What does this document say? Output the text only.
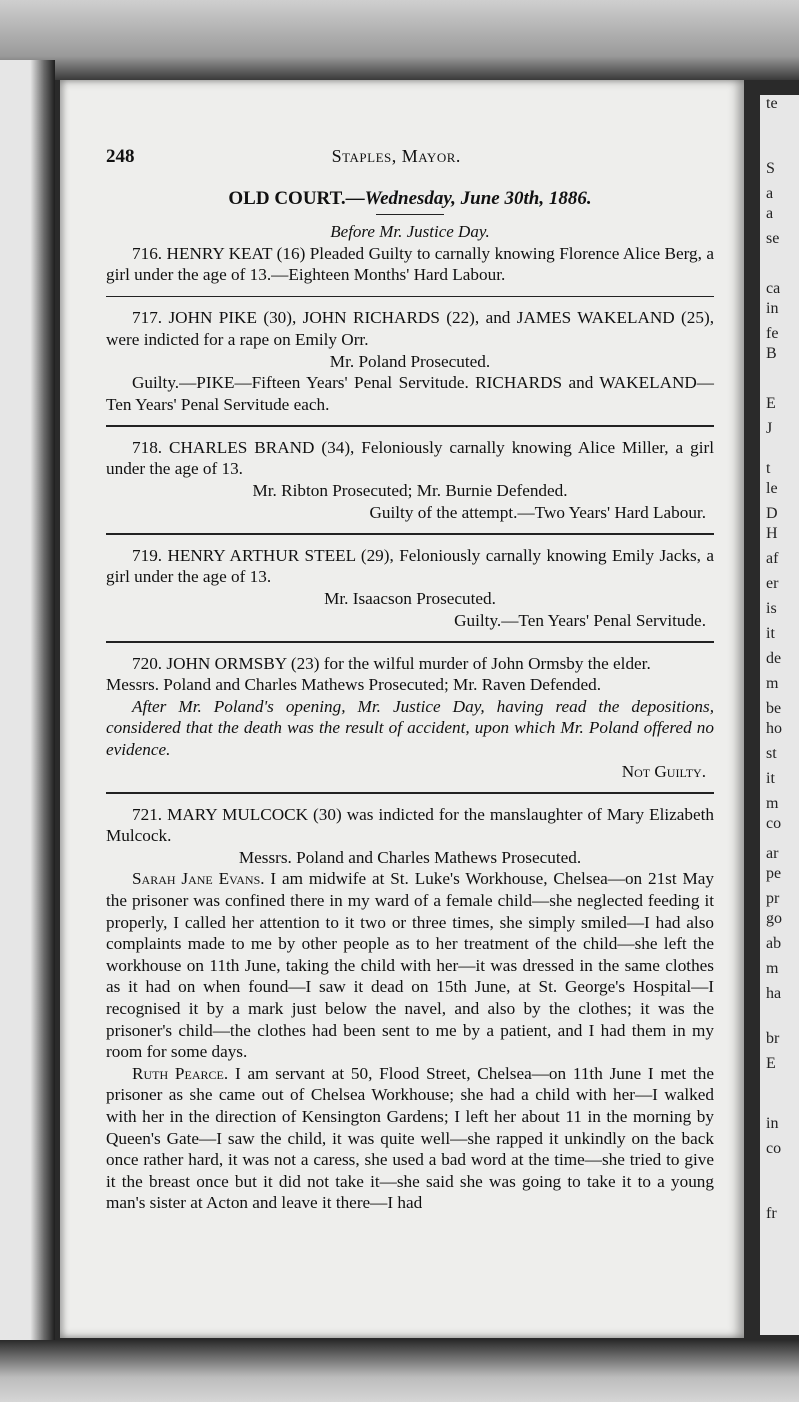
te
S
a
a
se
ca
in
fe
B
E
J
t
le
D
H
af
er
is
it
de
m
be
ho
st
it
m
co
ar
pe
pr
go
ab
m
ha
br
E
in
co
fr
248	Staples, Mayor.
OLD COURT.—Wednesday, June 30th, 1886.
Before Mr. Justice Day.

716. HENRY KEAT (16) Pleaded Guilty to carnally knowing Florence Alice Berg, a girl under the age of 13.—Eighteen Months' Hard Labour.

717. JOHN PIKE (30), JOHN RICHARDS (22), and JAMES WAKELAND (25), were indicted for a rape on Emily Orr.

Mr. Poland Prosecuted.

Guilty.—PIKE—Fifteen Years' Penal Servitude. RICHARDS and WAKELAND—Ten Years' Penal Servitude each.

718. CHARLES BRAND (34), Feloniously carnally knowing Alice Miller, a girl under the age of 13.

Mr. Ribton Prosecuted; Mr. Burnie Defended.

Guilty of the attempt.—Two Years' Hard Labour.

719. HENRY ARTHUR STEEL (29), Feloniously carnally knowing Emily Jacks, a girl under the age of 13.

Mr. Isaacson Prosecuted.

Guilty.—Ten Years' Penal Servitude.

720. JOHN ORMSBY (23) for the wilful murder of John Ormsby the elder.

Messrs. Poland and Charles Mathews Prosecuted; Mr. Raven Defended.

After Mr. Poland's opening, Mr. Justice Day, having read the depositions, considered that the death was the result of accident, upon which Mr. Poland offered no evidence.

Not Guilty.

721. MARY MULCOCK (30) was indicted for the manslaughter of Mary Elizabeth Mulcock.

Messrs. Poland and Charles Mathews Prosecuted.

Sarah Jane Evans. I am midwife at St. Luke's Workhouse, Chelsea—on 21st May the prisoner was confined there in my ward of a female child—she neglected feeding it properly, I called her attention to it two or three times, she simply smiled—I had also complaints made to me by other people as to her treatment of the child—she left the workhouse on 11th June, taking the child with her—it was dressed in the same clothes as it had on when found—I saw it dead on 15th June, at St. George's Hospital—I recognised it by a mark just below the navel, and also by the clothes; it was the prisoner's child—the clothes had been sent to me by a patient, and I had them in my room for some days.

Ruth Pearce. I am servant at 50, Flood Street, Chelsea—on 11th June I met the prisoner as she came out of Chelsea Workhouse; she had a child with her—I walked with her in the direction of Kensington Gardens; I left her about 11 in the morning by Queen's Gate—I saw the child, it was quite well—she rapped it unkindly on the back once rather hard, it was not a caress, she used a bad word at the time—she tried to give it the breast once but it did not take it—she said she was going to take it to a young man's sister at Acton and leave it there—I had
